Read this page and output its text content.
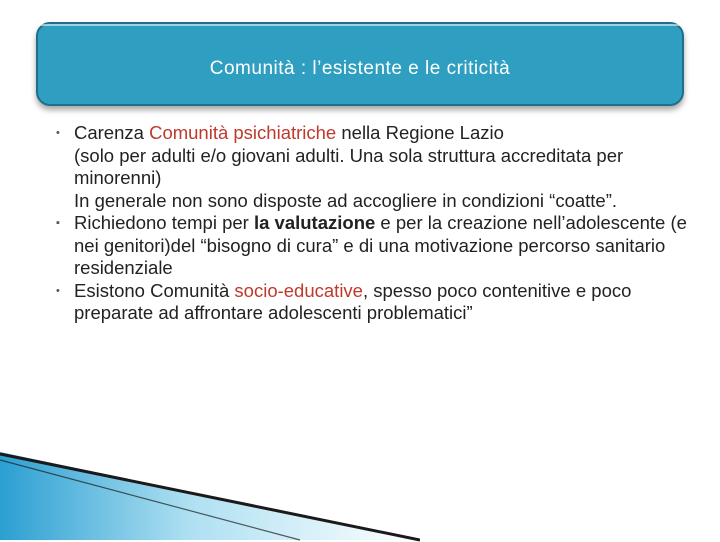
Comunità : l’esistente e le criticità
• Carenza Comunità psichiatriche nella Regione Lazio
(solo per adulti e/o giovani adulti. Una sola struttura accreditata per minorenni)
In generale non sono disposte ad accogliere in condizioni “coatte”.
▪ Richiedono tempi per la valutazione e per la creazione nell’adolescente (e nei genitori)del “bisogno di cura” e di una motivazione percorso sanitario residenziale
• Esistono Comunità socio-educative, spesso poco contenitive e poco preparate ad affrontare adolescenti problematici”
